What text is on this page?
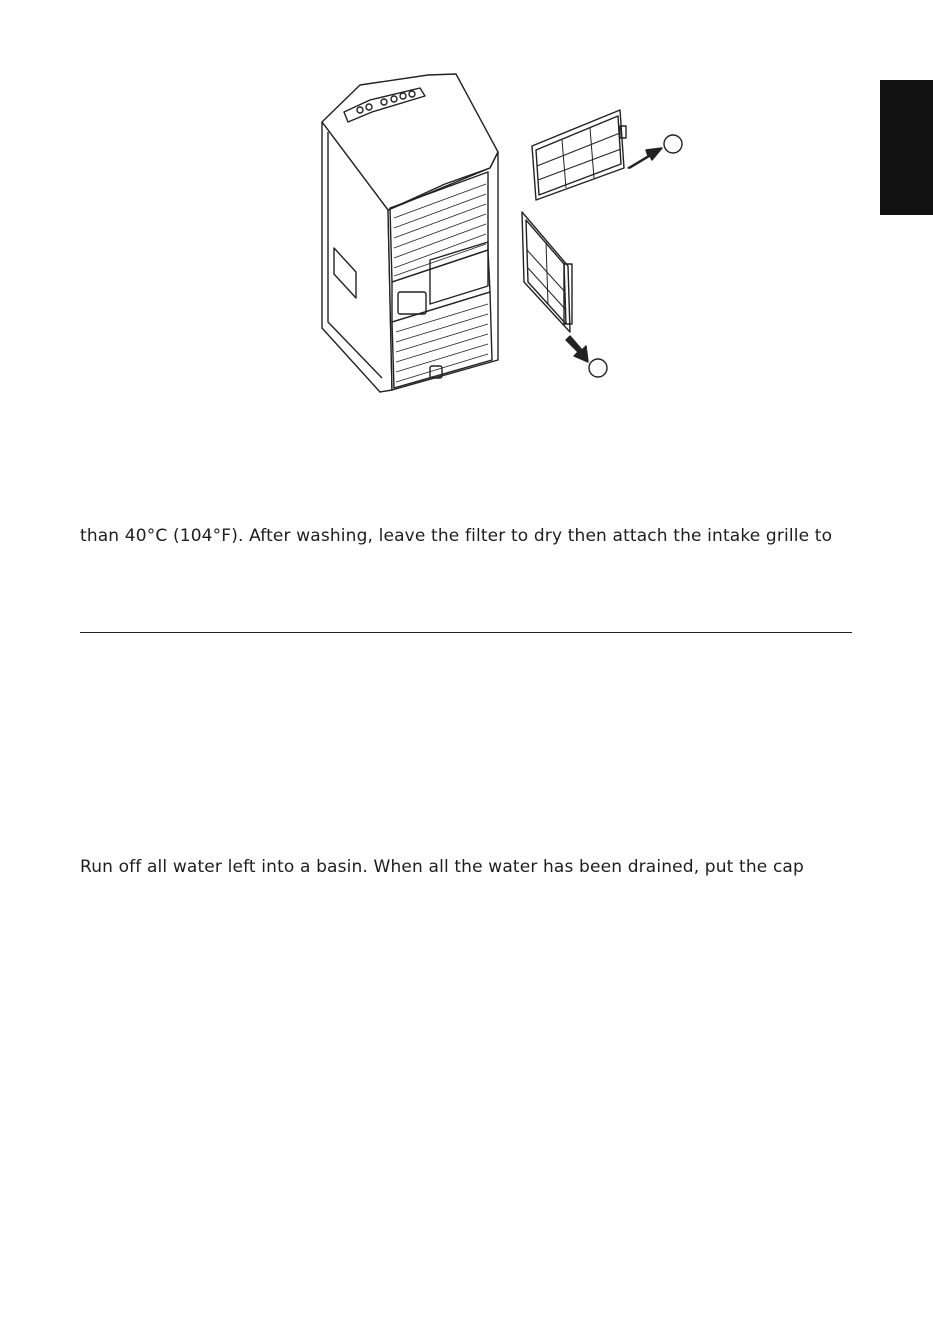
than 40°C (104°F). After washing, leave the filter to dry then attach the intake grille to
Run off all water left into a basin. When all the water has been drained, put the cap
